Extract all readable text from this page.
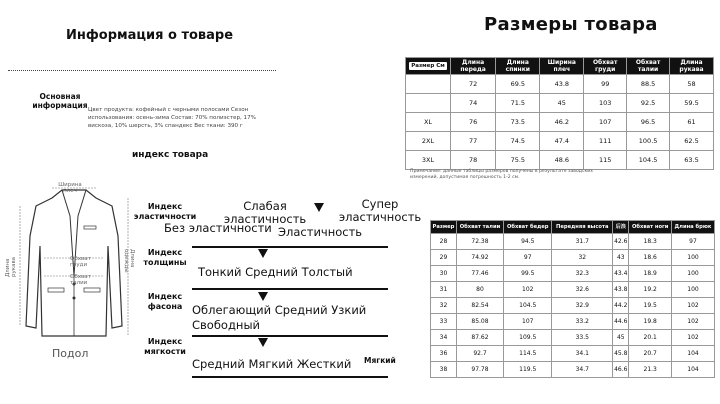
Информация о товаре
Основная информация Цвет продукта: кофейный с черными полосами Сезон использования: осень-зима Состав: 70% полиэстер, 17% вискоза, 10% шерсть, 3% спандекс Вес ткани: 390 г
индекс товара
Ширина плеч
Обхват груди
Обхват талии
Длина рукава	Длина одежды
Подол
Индекс эластичности
Слабая эластичность
Супер эластичность
Без эластичности Эластичность
Индекс толщины
Тонкий Средний Толстый
Индекс фасона Облегающий Средний Узкий
Свободный
Индекс мягкости
Средний Мягкий Жесткий	Мягкий
Размеры товара
Размер См	Длина переда	Длина спинки	Ширина плеч	Обхват груди	Обхват талии	Длина рукава
	72	69.5	43.8	99	88.5	58
	74	71.5	45	103	92.5	59.5
XL	76	73.5	46.2	107	96.5	61
2XL	77	74.5	47.4	111	100.5	62.5
3XL	78	75.5	48.6	115	104.5	63.5
Примечание: данные таблицы размеров получены в результате заводских измерений, допустимая погрешность 1-2 см.
Размер	Обхват талии	Обхват бедер	Передняя высота	后浪	Обхват ноги	Длина брюк
28	72.38	94.5	31.7	42.6	18.3	97
29	74.92	97	32	43	18.6	100
30	77.46	99.5	32.3	43.4	18.9	100
31	80	102	32.6	43.8	19.2	100
32	82.54	104.5	32.9	44.2	19.5	102
33	85.08	107	33.2	44.6	19.8	102
34	87.62	109.5	33.5	45	20.1	102
36	92.7	114.5	34.1	45.8	20.7	104
38	97.78	119.5	34.7	46.6	21.3	104
